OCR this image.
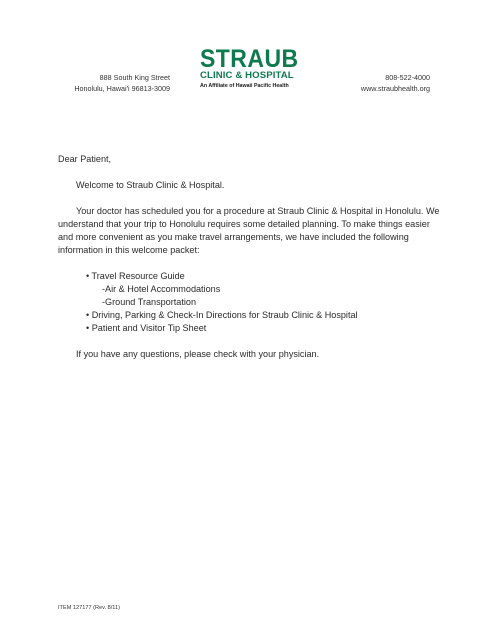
888 South King Street
Honolulu, Hawai'i 96813-3009
STRAUB
CLINIC & HOSPITAL
An Affiliate of Hawaii Pacific Health
808-522-4000
www.straubhealth.org

Dear Patient,

Welcome to Straub Clinic & Hospital.

Your doctor has scheduled you for a procedure at Straub Clinic & Hospital in Honolulu. We understand that your trip to Honolulu requires some detailed planning. To make things easier and more convenient as you make travel arrangements, we have included the following information in this welcome packet:

• Travel Resource Guide
-Air & Hotel Accommodations
-Ground Transportation
• Driving, Parking & Check-In Directions for Straub Clinic & Hospital
• Patient and Visitor Tip Sheet

If you have any questions, please check with your physician.

ITEM 127177 (Rev. 8/11)
